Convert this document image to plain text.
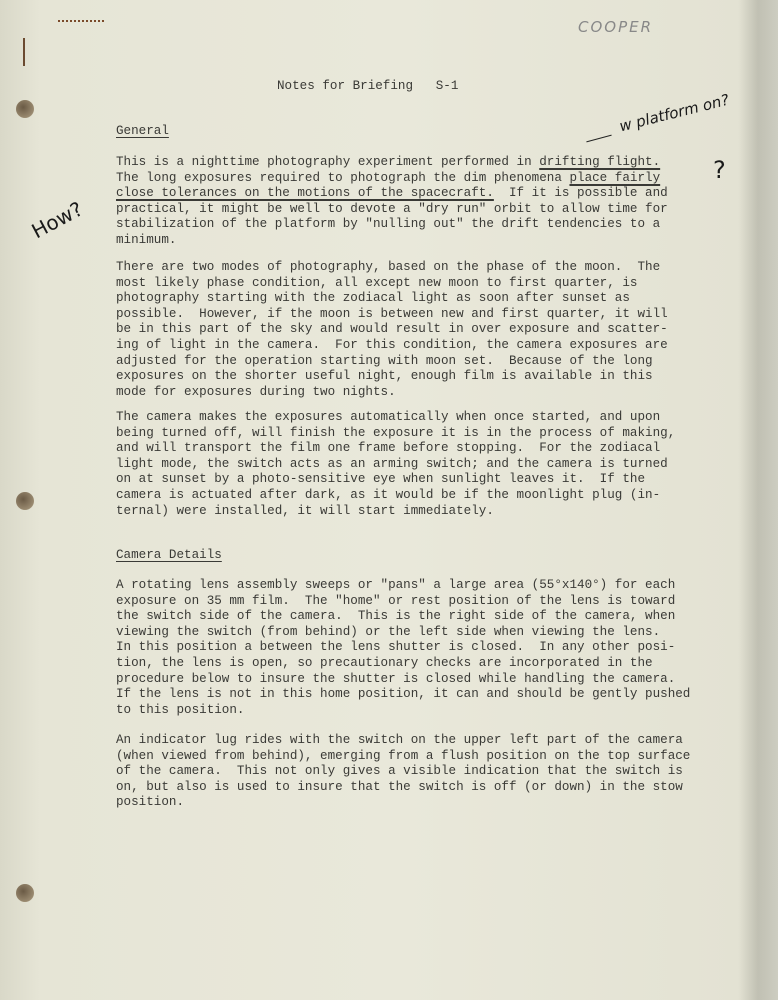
COOPER
Notes for Briefing   S-1
How?
w platform on?
?
General
This is a nighttime photography experiment performed in drifting flight.
The long exposures required to photograph the dim phenomena place fairly
close tolerances on the motions of the spacecraft.  If it is possible and
practical, it might be well to devote a "dry run" orbit to allow time for
stabilization of the platform by "nulling out" the drift tendencies to a
minimum.
There are two modes of photography, based on the phase of the moon.  The
most likely phase condition, all except new moon to first quarter, is
photography starting with the zodiacal light as soon after sunset as
possible.  However, if the moon is between new and first quarter, it will
be in this part of the sky and would result in over exposure and scatter-
ing of light in the camera.  For this condition, the camera exposures are
adjusted for the operation starting with moon set.  Because of the long
exposures on the shorter useful night, enough film is available in this
mode for exposures during two nights.
The camera makes the exposures automatically when once started, and upon
being turned off, will finish the exposure it is in the process of making,
and will transport the film one frame before stopping.  For the zodiacal
light mode, the switch acts as an arming switch; and the camera is turned
on at sunset by a photo-sensitive eye when sunlight leaves it.  If the
camera is actuated after dark, as it would be if the moonlight plug (in-
ternal) were installed, it will start immediately.
Camera Details
A rotating lens assembly sweeps or "pans" a large area (55°x140°) for each
exposure on 35 mm film.  The "home" or rest position of the lens is toward
the switch side of the camera.  This is the right side of the camera, when
viewing the switch (from behind) or the left side when viewing the lens.
In this position a between the lens shutter is closed.  In any other posi-
tion, the lens is open, so precautionary checks are incorporated in the
procedure below to insure the shutter is closed while handling the camera.
If the lens is not in this home position, it can and should be gently pushed
to this position.
An indicator lug rides with the switch on the upper left part of the camera
(when viewed from behind), emerging from a flush position on the top surface
of the camera.  This not only gives a visible indication that the switch is
on, but also is used to insure that the switch is off (or down) in the stow
position.
